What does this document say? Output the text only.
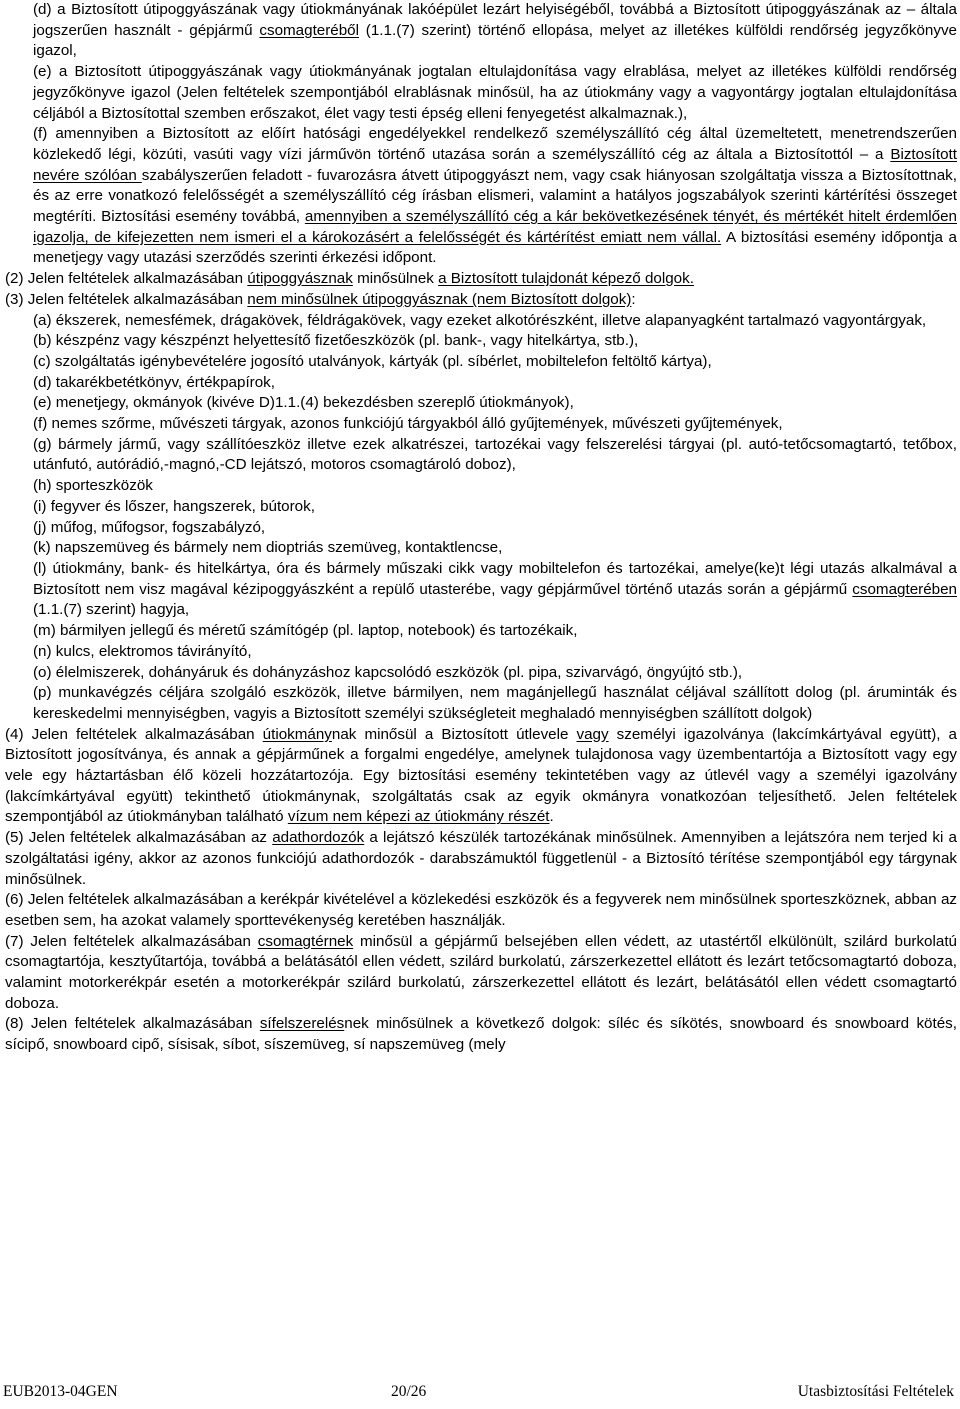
(d) a Biztosított útipoggyászának vagy útiokmányának lakóépület lezárt helyiségéből, továbbá a Biztosított útipoggyászának az – általa jogszerűen használt - gépjármű csomagteréből (1.1.(7) szerint) történő ellopása, melyet az illetékes külföldi rendőrség jegyzőkönyve igazol,

(e) a Biztosított útipoggyászának vagy útiokmányának jogtalan eltulajdonítása vagy elrablása, melyet az illetékes külföldi rendőrség jegyzőkönyve igazol (Jelen feltételek szempontjából elrablásnak minősül, ha az útiokmány vagy a vagyontárgy jogtalan eltulajdonítása céljából a Biztosítottal szemben erőszakot, élet vagy testi épség elleni fenyegetést alkalmaznak.),

(f) amennyiben a Biztosított az előírt hatósági engedélyekkel rendelkező személyszállító cég által üzemeltetett, menetrendszerűen közlekedő légi, közúti, vasúti vagy vízi járművön történő utazása során a személyszállító cég az általa a Biztosítottól – a Biztosított nevére szólóan szabályszerűen feladott - fuvarozásra átvett útipoggyászt nem, vagy csak hiányosan szolgáltatja vissza a Biztosítottnak, és az erre vonatkozó felelősségét a személyszállító cég írásban elismeri, valamint a hatályos jogszabályok szerinti kártérítési összeget megtéríti. Biztosítási esemény továbbá, amennyiben a személyszállító cég a kár bekövetkezésének tényét, és mértékét hitelt érdemlően igazolja, de kifejezetten nem ismeri el a károkozásért a felelősségét és kártérítést emiatt nem vállal. A biztosítási esemény időpontja a menetjegy vagy utazási szerződés szerinti érkezési időpont.

(2) Jelen feltételek alkalmazásában útipoggyásznak minősülnek a Biztosított tulajdonát képező dolgok.

(3) Jelen feltételek alkalmazásában nem minősülnek útipoggyásznak (nem Biztosított dolgok):

(a) ékszerek, nemesfémek, drágakövek, féldrágakövek, vagy ezeket alkotórészként, illetve alapanyagként tartalmazó vagyontárgyak,

(b) készpénz vagy készpénzt helyettesítő fizetőeszközök (pl. bank-, vagy hitelkártya, stb.),

(c) szolgáltatás igénybevételére jogosító utalványok, kártyák (pl. síbérlet, mobiltelefon feltöltő kártya),

(d) takarékbetétkönyv, értékpapírok,

(e) menetjegy, okmányok (kivéve D)1.1.(4) bekezdésben szereplő útiokmányok),

(f) nemes szőrme, művészeti tárgyak, azonos funkciójú tárgyakból álló gyűjtemények, művészeti gyűjtemények,

(g) bármely jármű, vagy szállítóeszköz illetve ezek alkatrészei, tartozékai vagy felszerelési tárgyai (pl. autó-tetőcsomagtartó, tetőbox, utánfutó, autórádió,-magnó,-CD lejátszó, motoros csomagtároló doboz),

(h) sporteszközök

(i) fegyver és lőszer, hangszerek, bútorok,

(j) műfog, műfogsor, fogszabályzó,

(k) napszemüveg és bármely nem dioptriás szemüveg, kontaktlencse,

(l) útiokmány, bank- és hitelkártya, óra és bármely műszaki cikk vagy mobiltelefon és tartozékai, amelye(ke)t légi utazás alkalmával a Biztosított nem visz magával kézipoggyászként a repülő utasterébe, vagy gépjárművel történő utazás során a gépjármű csomagterében (1.1.(7) szerint) hagyja,

(m) bármilyen jellegű és méretű számítógép (pl. laptop, notebook) és tartozékaik,

(n) kulcs, elektromos távirányító,

(o) élelmiszerek, dohányáruk és dohányzáshoz kapcsolódó eszközök (pl. pipa, szivarvágó, öngyújtó stb.),

(p) munkavégzés céljára szolgáló eszközök, illetve bármilyen, nem magánjellegű használat céljával szállított dolog (pl. áruminták és kereskedelmi mennyiségben, vagyis a Biztosított személyi szükségleteit meghaladó mennyiségben szállított dolgok)

(4) Jelen feltételek alkalmazásában útiokmánynak minősül a Biztosított útlevele vagy személyi igazolványa (lakcímkártyával együtt), a Biztosított jogosítványa, és annak a gépjárműnek a forgalmi engedélye, amelynek tulajdonosa vagy üzembentartója a Biztosított vagy egy vele egy háztartásban élő közeli hozzátartozója. Egy biztosítási esemény tekintetében vagy az útlevél vagy a személyi igazolvány (lakcímkártyával együtt) tekinthető útiokmánynak, szolgáltatás csak az egyik okmányra vonatkozóan teljesíthető. Jelen feltételek szempontjából az útiokmányban található vízum nem képezi az útiokmány részét.

(5) Jelen feltételek alkalmazásában az adathordozók a lejátszó készülék tartozékának minősülnek. Amennyiben a lejátszóra nem terjed ki a szolgáltatási igény, akkor az azonos funkciójú adathordozók - darabszámuktól függetlenül - a Biztosító térítése szempontjából egy tárgynak minősülnek.

(6) Jelen feltételek alkalmazásában a kerékpár kivételével a közlekedési eszközök és a fegyverek nem minősülnek sporteszköznek, abban az esetben sem, ha azokat valamely sporttevékenység keretében használják.

(7) Jelen feltételek alkalmazásában csomagtérnek minősül a gépjármű belsejében ellen védett, az utastértől elkülönült, szilárd burkolatú csomagtartója, kesztyűtartója, továbbá a belátásától ellen védett, szilárd burkolatú, zárszerkezettel ellátott és lezárt tetőcsomagtartó doboza, valamint motorkerékpár esetén a motorkerékpár szilárd burkolatú, zárszerkezettel ellátott és lezárt, belátásától ellen védett csomagtartó doboza.

(8) Jelen feltételek alkalmazásában sífelszerelésnek minősülnek a következő dolgok: síléc és síkötés, snowboard és snowboard kötés, sícipő, snowboard cipő, sísisak, síbot, síszemüveg, sí napszemüveg (mely

EUB2013-04GEN	20/26	Utasbiztosítási Feltételek
